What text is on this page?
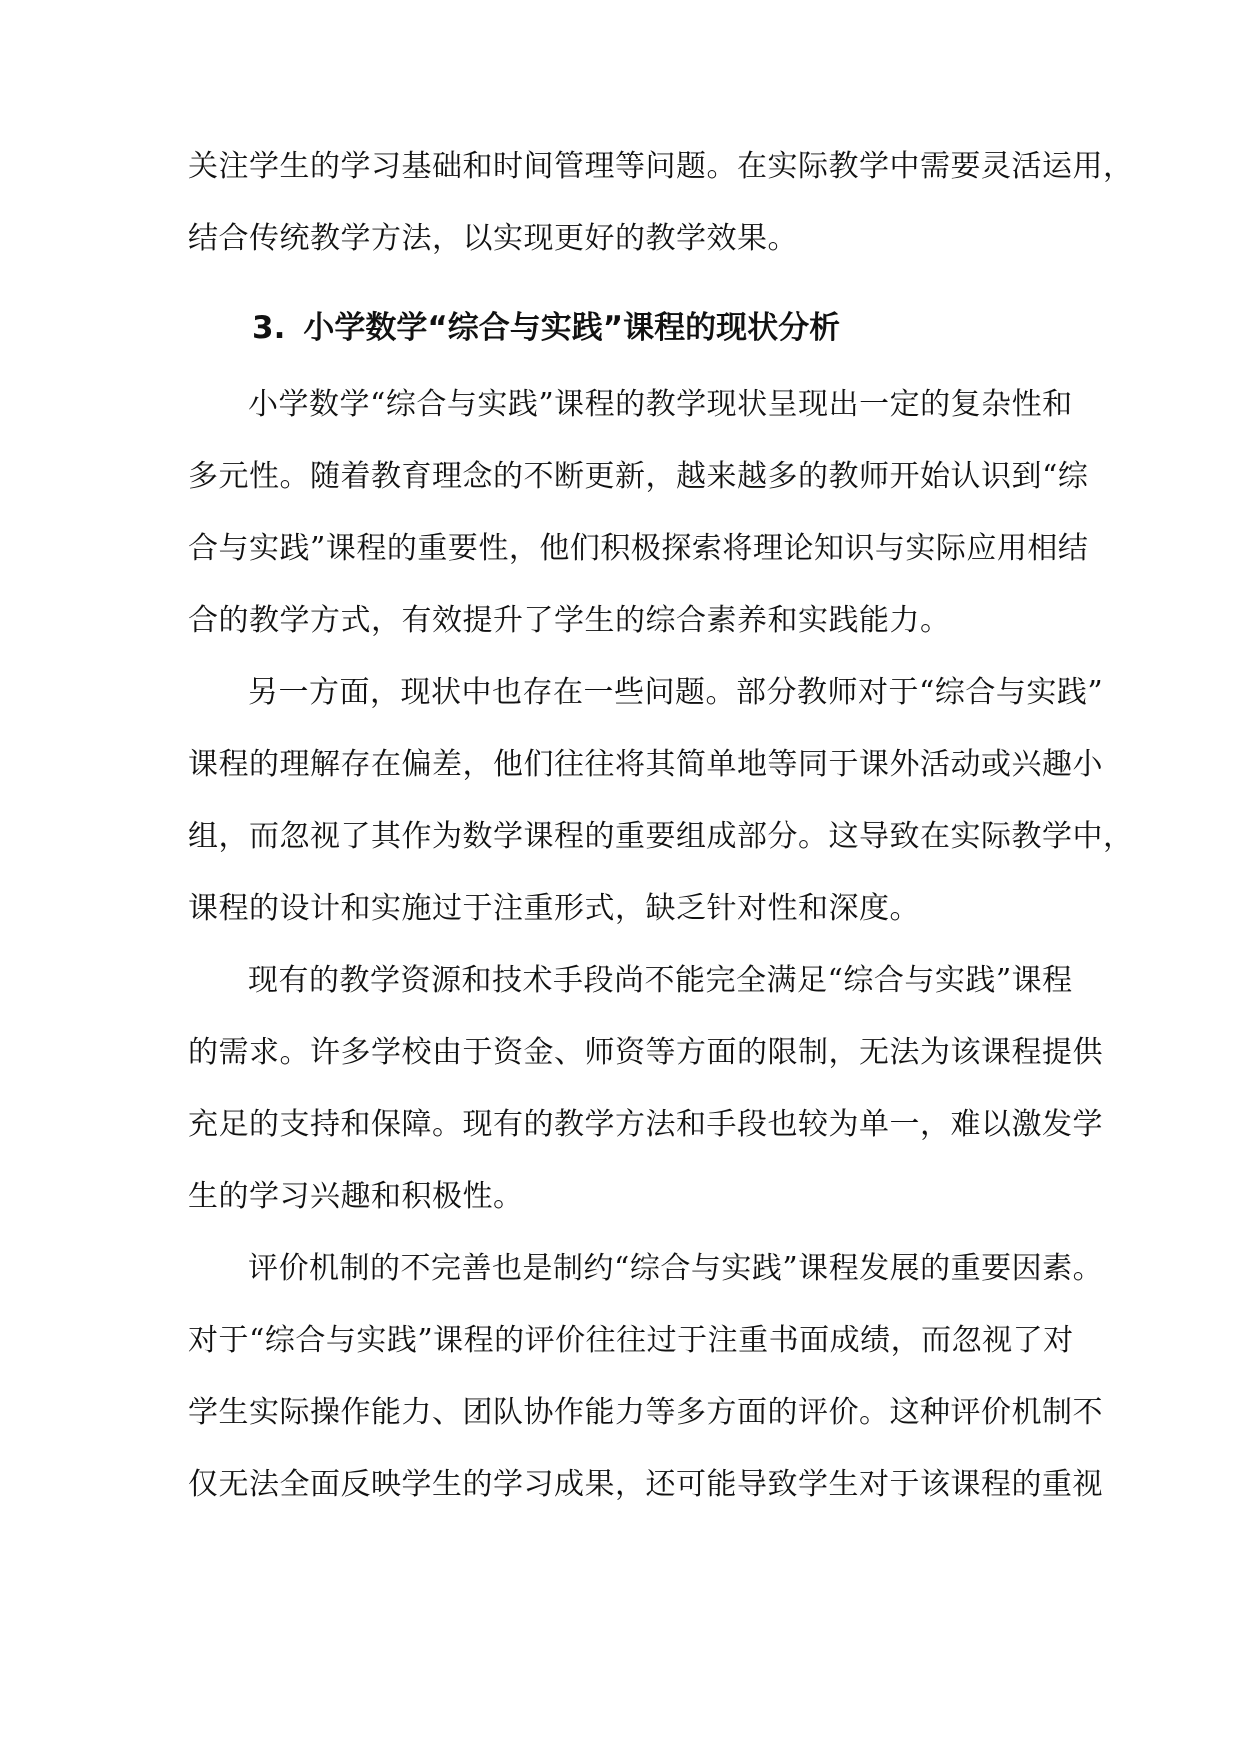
关注学生的学习基础和时间管理等问题。在实际教学中需要灵活运用，
结合传统教学方法，以实现更好的教学效果。
3. 小学数学“综合与实践”课程的现状分析
小学数学“综合与实践”课程的教学现状呈现出一定的复杂性和
多元性。随着教育理念的不断更新，越来越多的教师开始认识到“综
合与实践”课程的重要性，他们积极探索将理论知识与实际应用相结
合的教学方式，有效提升了学生的综合素养和实践能力。
另一方面，现状中也存在一些问题。部分教师对于“综合与实践”
课程的理解存在偏差，他们往往将其简单地等同于课外活动或兴趣小
组，而忽视了其作为数学课程的重要组成部分。这导致在实际教学中，
课程的设计和实施过于注重形式，缺乏针对性和深度。
现有的教学资源和技术手段尚不能完全满足“综合与实践”课程
的需求。许多学校由于资金、师资等方面的限制，无法为该课程提供
充足的支持和保障。现有的教学方法和手段也较为单一，难以激发学
生的学习兴趣和积极性。
评价机制的不完善也是制约“综合与实践”课程发展的重要因素。
对于“综合与实践”课程的评价往往过于注重书面成绩，而忽视了对
学生实际操作能力、团队协作能力等多方面的评价。这种评价机制不
仅无法全面反映学生的学习成果，还可能导致学生对于该课程的重视
